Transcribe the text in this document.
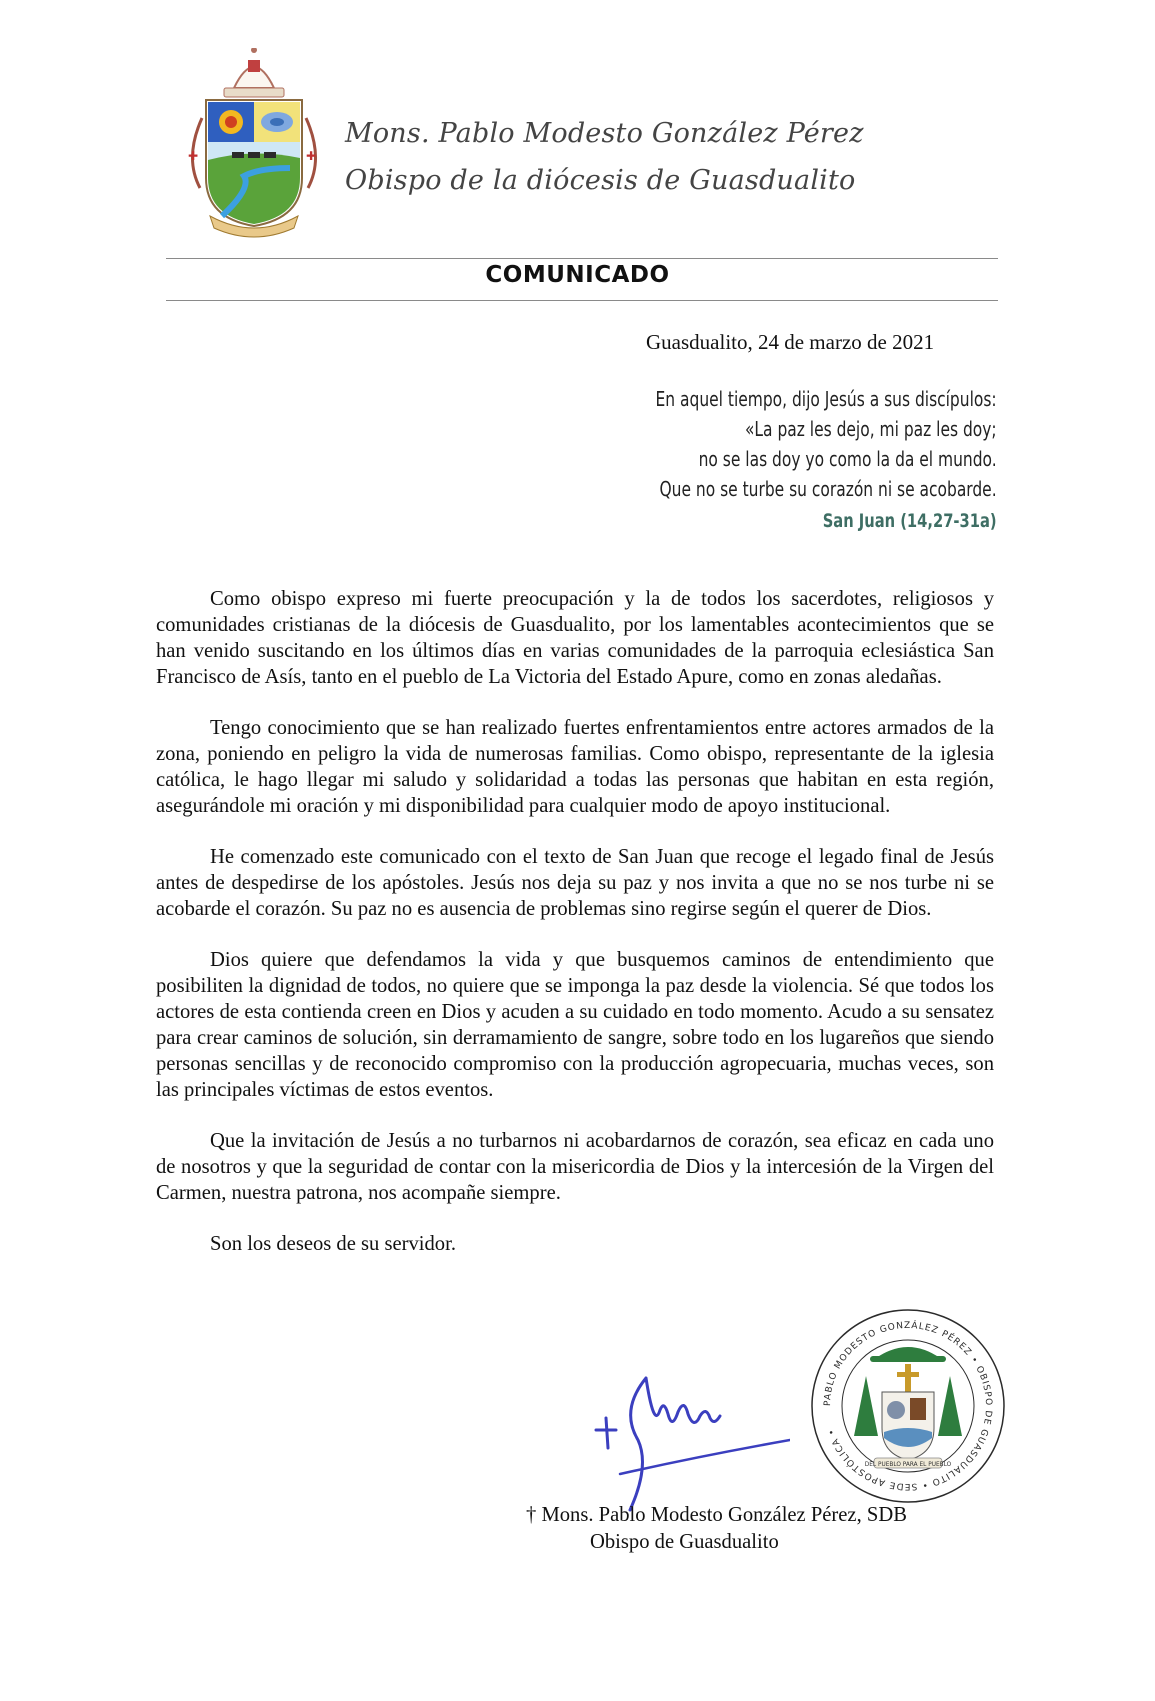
✚	✚
Mons. Pablo Modesto González Pérez
Obispo de la diócesis de Guasdualito
COMUNICADO
Guasdualito, 24 de marzo de 2021
En aquel tiempo, dijo Jesús a sus discípulos:
«La paz les dejo, mi paz les doy;
no se las doy yo como la da el mundo.
Que no se turbe su corazón ni se acobarde.
San Juan (14,27-31a)

Como obispo expreso mi fuerte preocupación y la de todos los sacerdotes, religiosos y comunidades cristianas de la diócesis de Guasdualito, por los lamentables acontecimientos que se han venido suscitando en los últimos días en varias comunidades de la parroquia eclesiástica San Francisco de Asís, tanto en el pueblo de La Victoria del Estado Apure, como en zonas aledañas.

Tengo conocimiento que se han realizado fuertes enfrentamientos entre actores armados de la zona, poniendo en peligro la vida de numerosas familias. Como obispo, representante de la iglesia católica, le hago llegar mi saludo y solidaridad a todas las personas que habitan en esta región, asegurándole mi oración y mi disponibilidad para cualquier modo de apoyo institucional.

He comenzado este comunicado con el texto de San Juan que recoge el legado final de Jesús antes de despedirse de los apóstoles. Jesús nos deja su paz y nos invita a que no se nos turbe ni se acobarde el corazón. Su paz no es ausencia de problemas sino regirse según el querer de Dios.

Dios quiere que defendamos la vida y que busquemos caminos de entendimiento que posibiliten la dignidad de todos, no quiere que se imponga la paz desde la violencia. Sé que todos los actores de esta contienda creen en Dios y acuden a su cuidado en todo momento. Acudo a su sensatez para crear caminos de solución, sin derramamiento de sangre, sobre todo en los lugareños que siendo personas sencillas y de reconocido compromiso con la producción agropecuaria, muchas veces, son las principales víctimas de estos eventos.

Que la invitación de Jesús a no turbarnos ni acobardarnos de corazón, sea eficaz en cada uno de nosotros y que la seguridad de contar con la misericordia de Dios y la intercesión de la Virgen del Carmen, nuestra patrona, nos acompañe siempre.

Son los deseos de su servidor.

PABLO MODESTO GONZÁLEZ PÉREZ • OBISPO DE GUASDUALITO • SEDE APOSTÓLICA •
DEL PUEBLO PARA EL PUEBLO
† Mons. Pablo Modesto González Pérez, SDB
Obispo de Guasdualito
